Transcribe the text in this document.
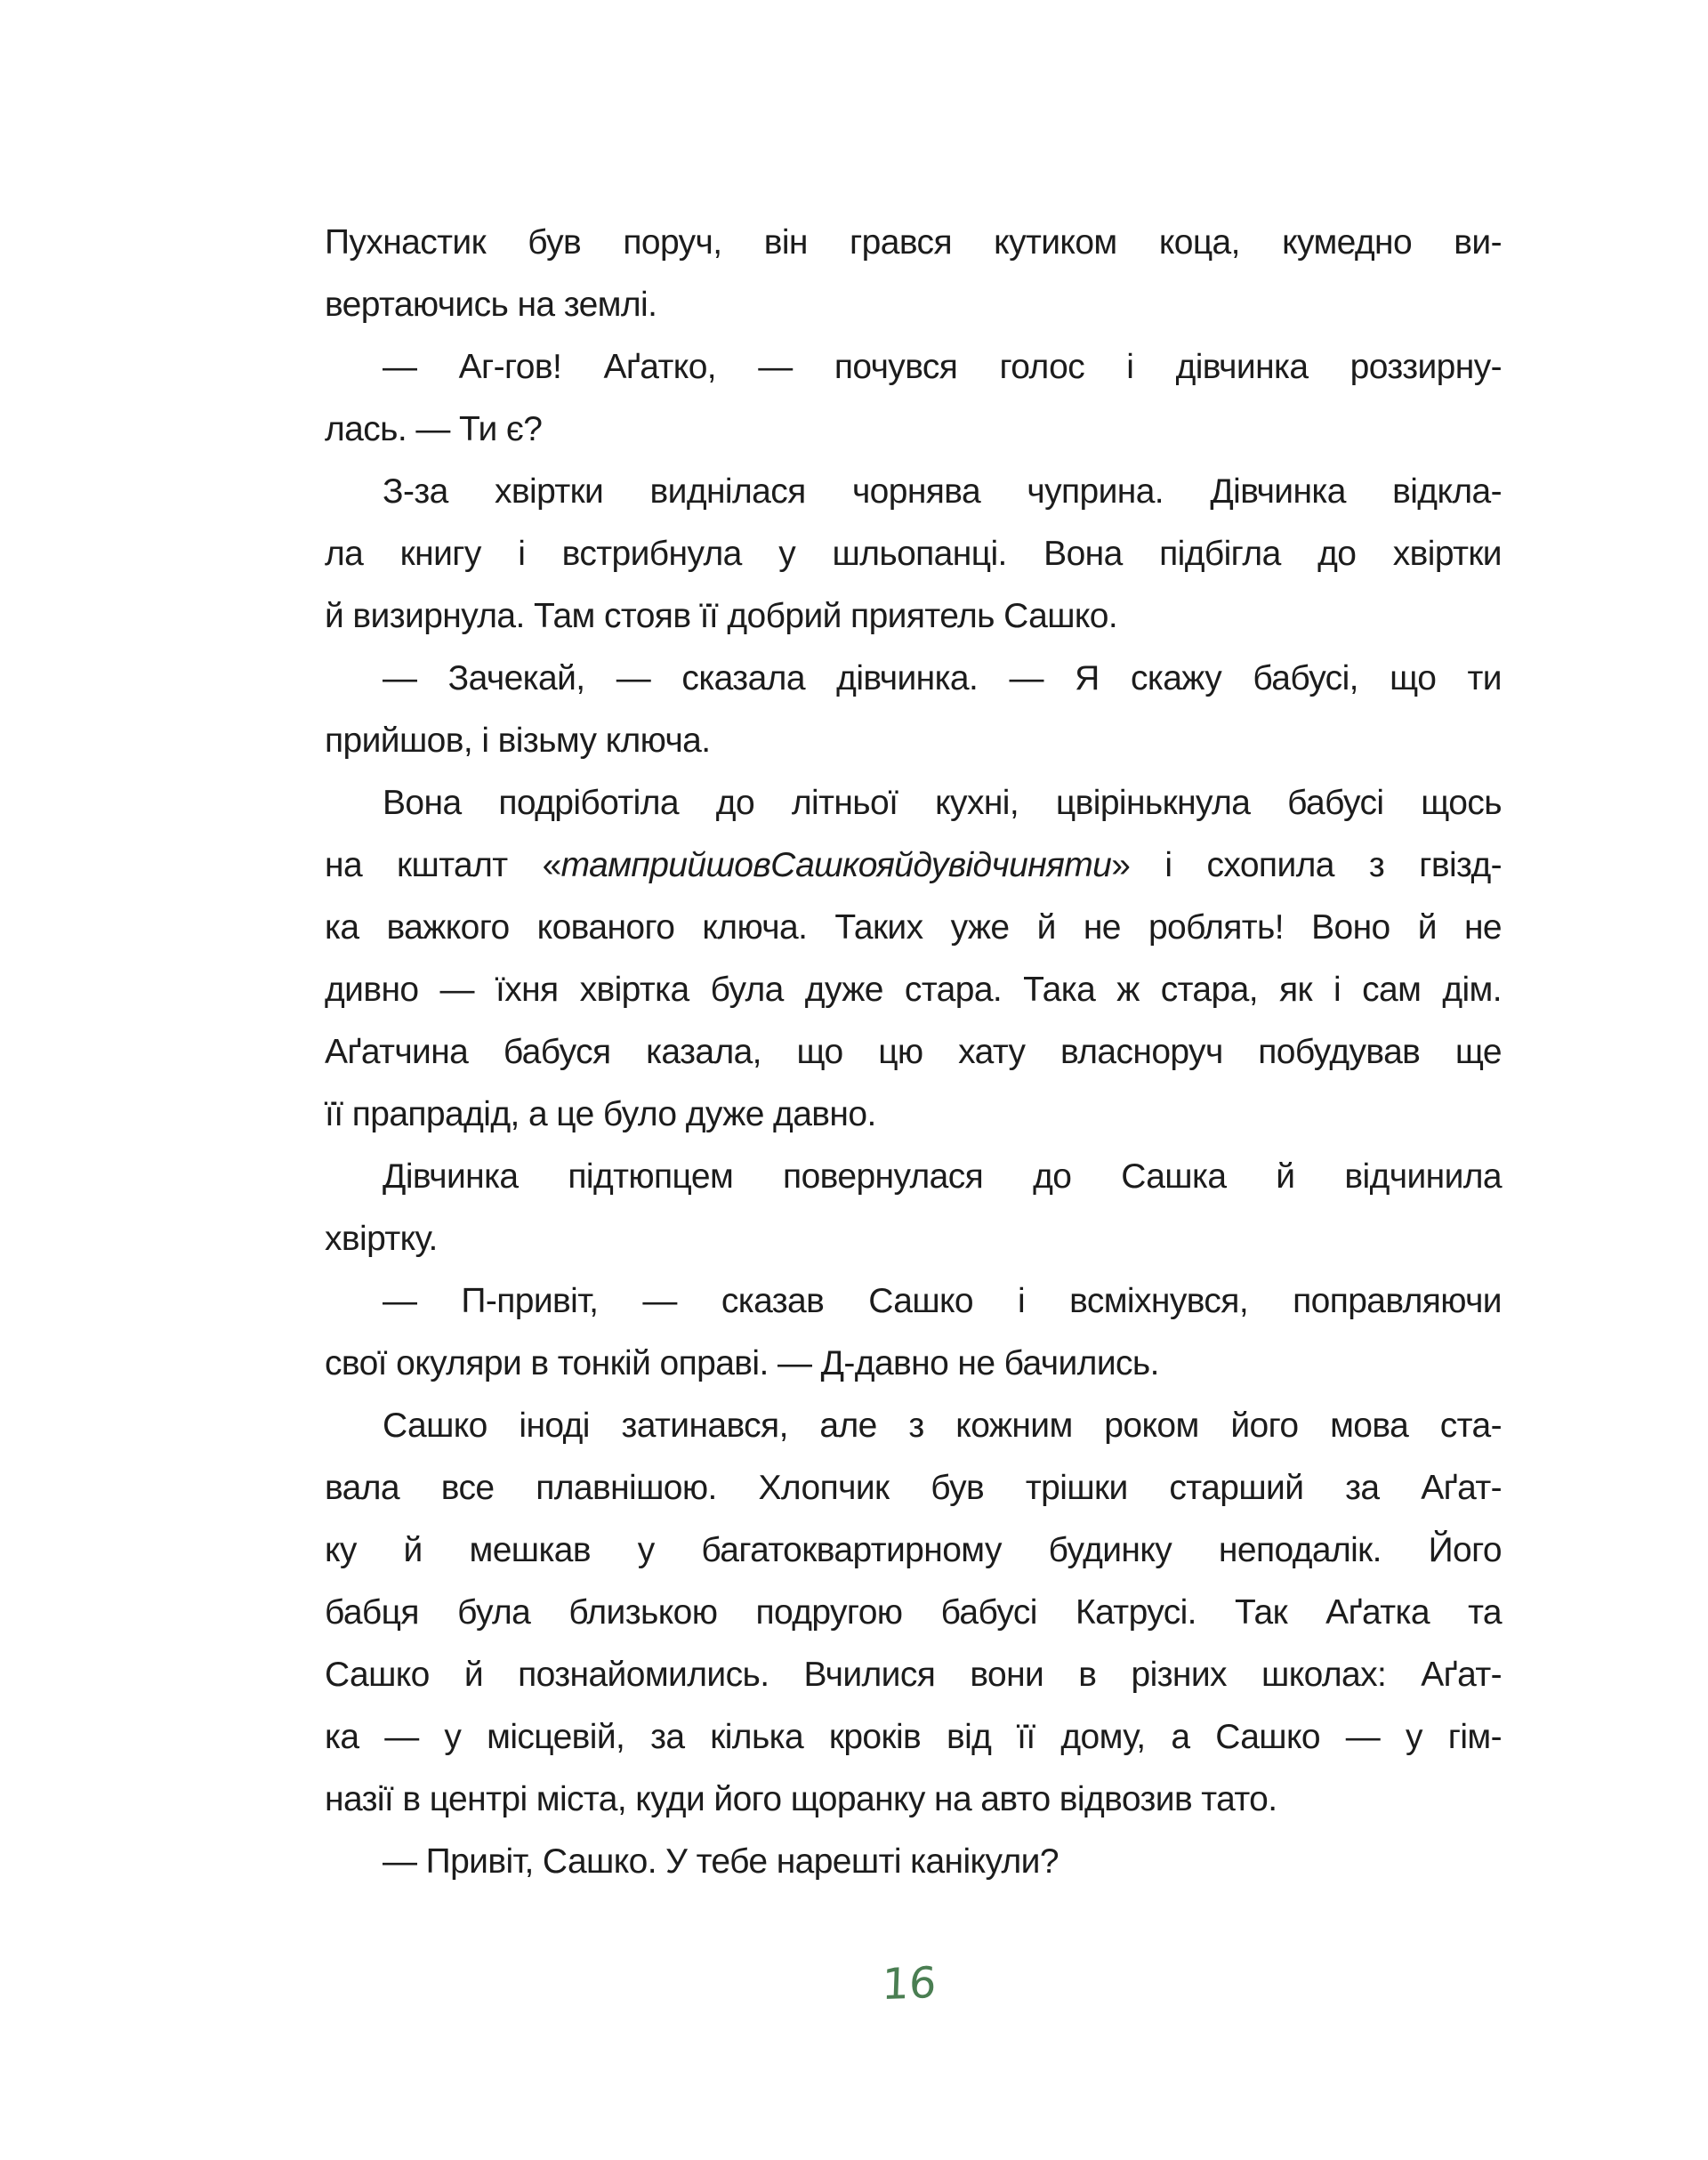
Пухнастик був поруч, він грався кутиком коца, кумедно ви-
вертаючись на землі.
— Аг-гов! Аґатко, — почувся голос і дівчинка роззирну-
лась. — Ти є?
З-за хвіртки виднілася чорнява чуприна. Дівчинка відкла-
ла книгу і встрибнула у шльопанці. Вона підбігла до хвіртки
й визирнула. Там стояв її добрий приятель Сашко.
— Зачекай, — сказала дівчинка. — Я скажу бабусі, що ти
прийшов, і візьму ключа.
Вона подріботіла до літньої кухні, цвірінькнула бабусі щось
на кшталт «тамприйшовСашкояйдувідчиняти» і схопила з гвізд-
ка важкого кованого ключа. Таких уже й не роблять! Воно й не
дивно — їхня хвіртка була дуже стара. Така ж стара, як і сам дім.
Аґатчина бабуся казала, що цю хату власноруч побудував ще
її прапрадід, а це було дуже давно.
Дівчинка підтюпцем повернулася до Сашка й відчинила
хвіртку.
— П-привіт, — сказав Сашко і всміхнувся, поправляючи
свої окуляри в тонкій оправі. — Д-давно не бачились.
Сашко іноді затинався, але з кожним роком його мова ста-
вала все плавнішою. Хлопчик був трішки старший за Аґат-
ку й мешкав у багатоквартирному будинку неподалік. Його
бабця була близькою подругою бабусі Катрусі. Так Аґатка та
Сашко й познайомились. Вчилися вони в різних школах: Аґат-
ка — у місцевій, за кілька кроків від її дому, а Сашко — у гім-
назії в центрі міста, куди його щоранку на авто відвозив тато.
— Привіт, Сашко. У тебе нарешті канікули?
16
